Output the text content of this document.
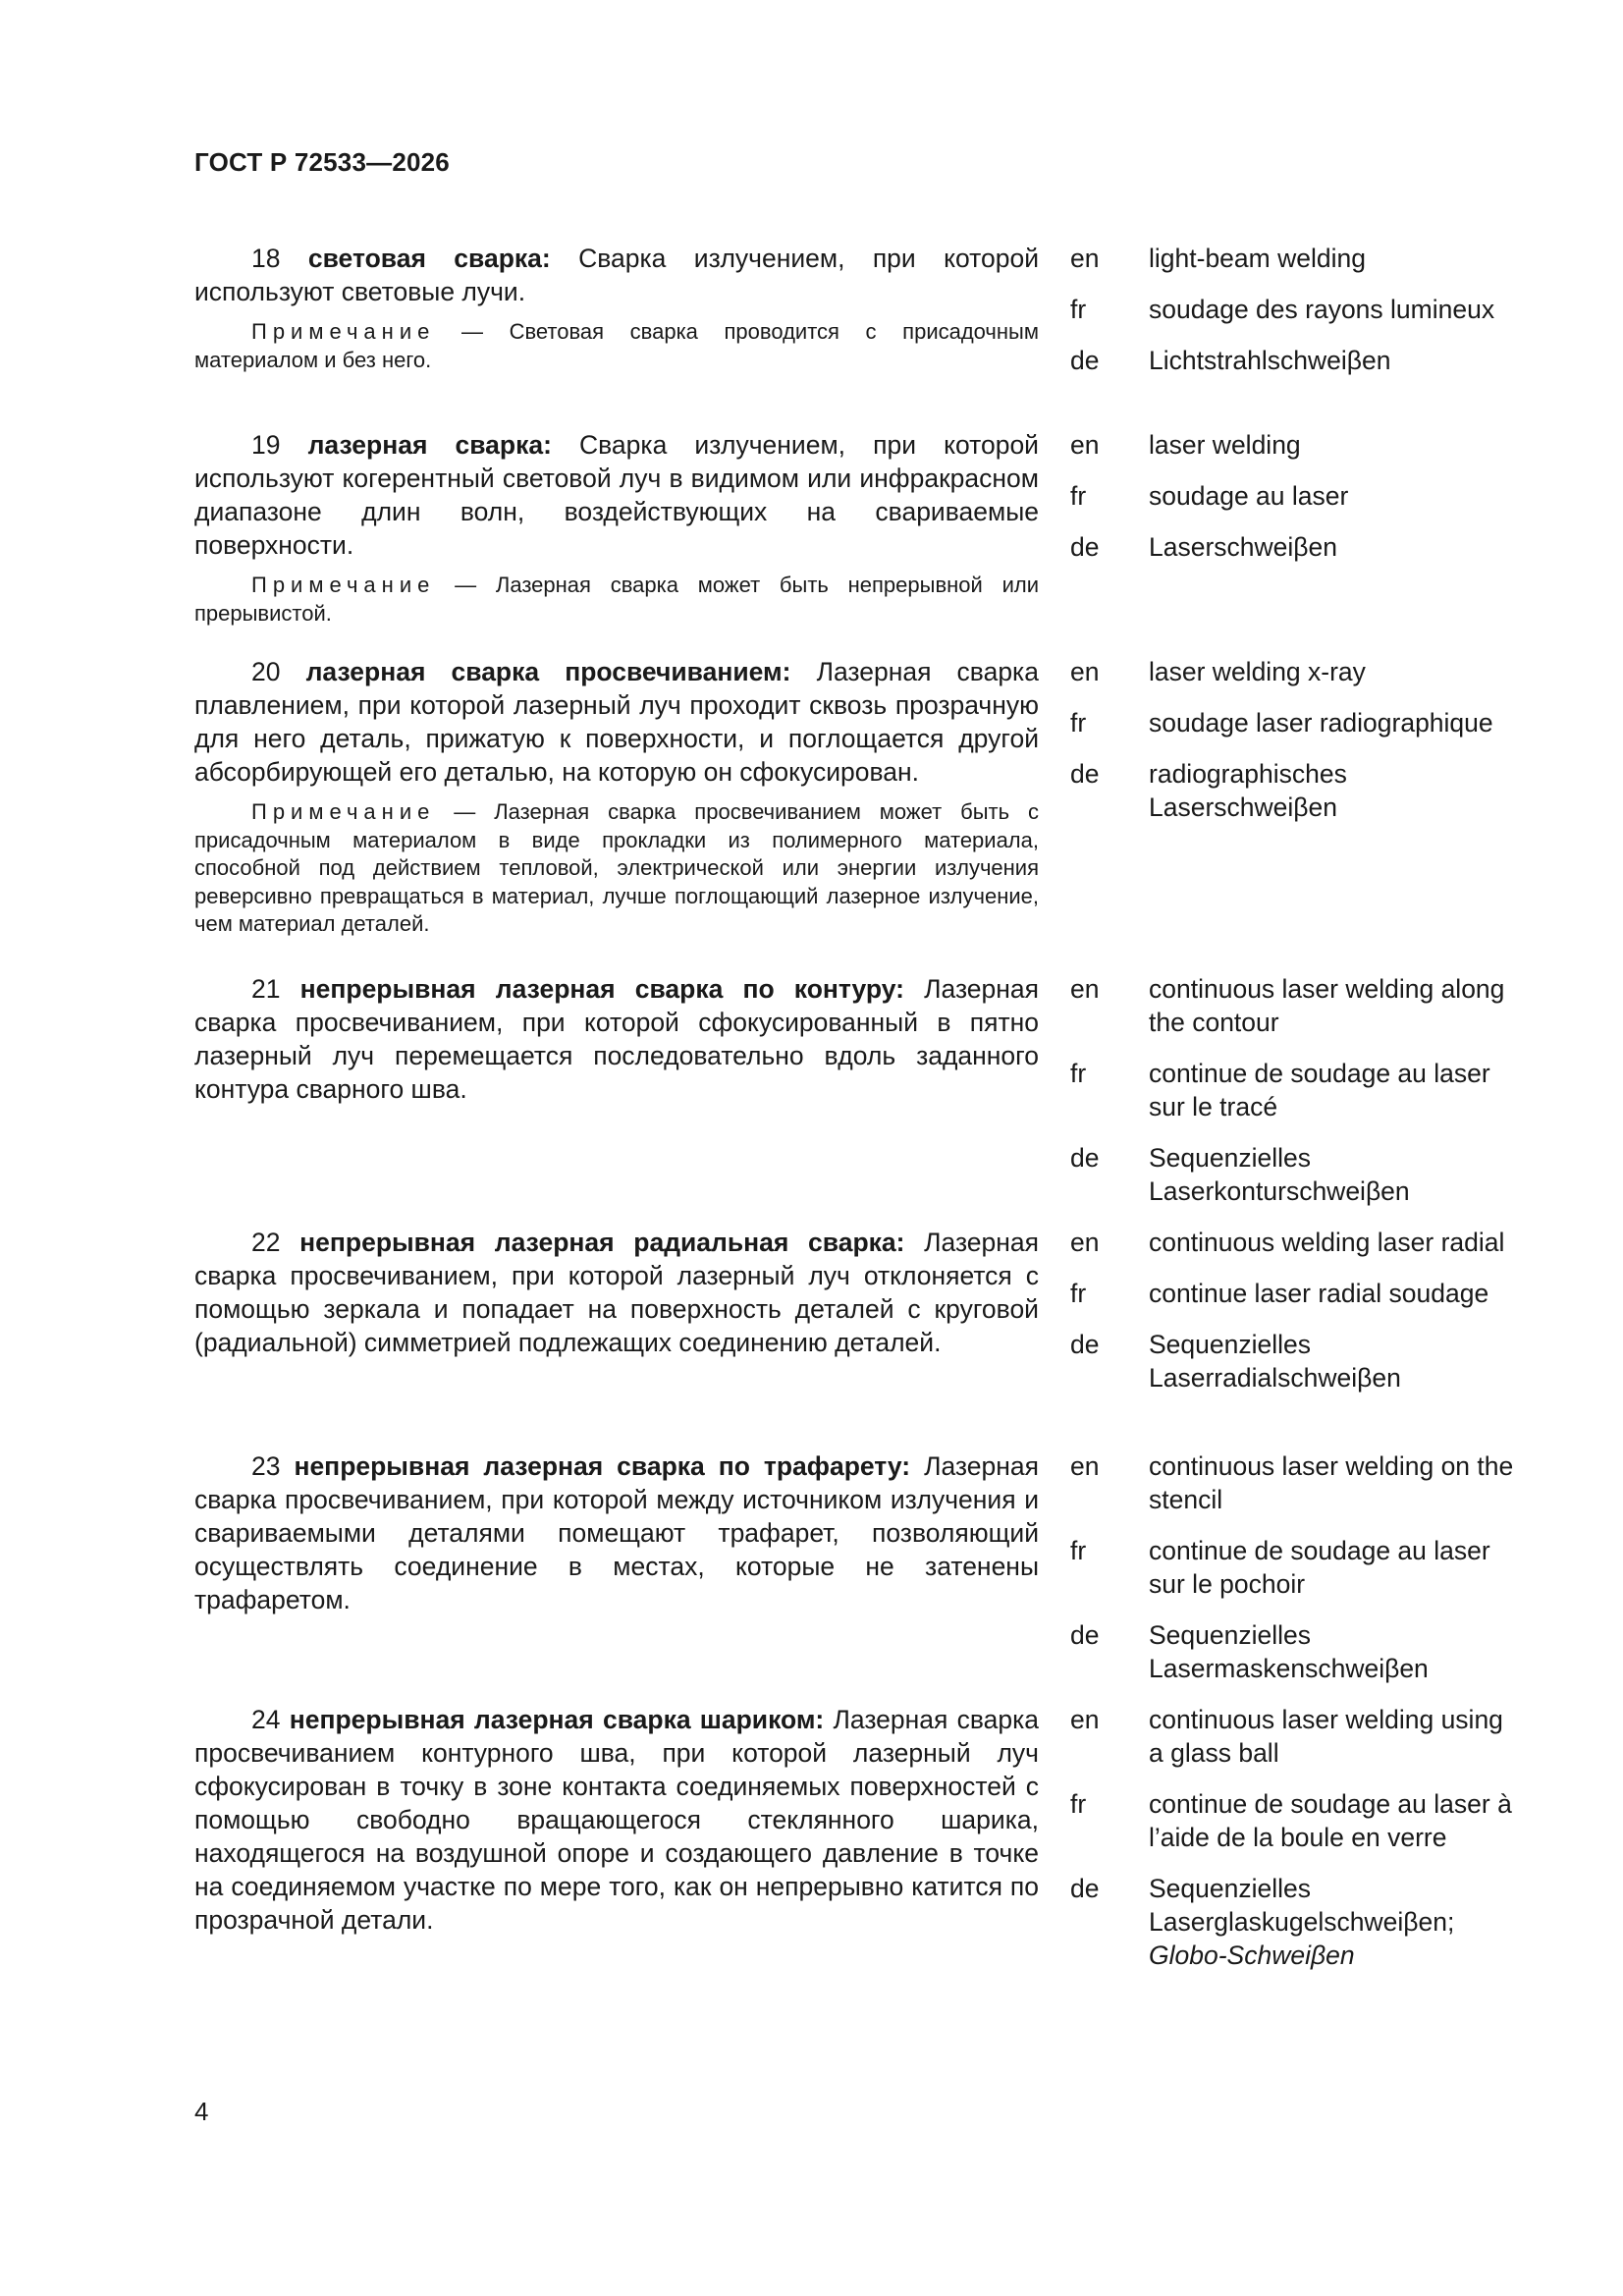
ГОСТ Р 72533—2026

18 световая сварка: Сварка излучением, при которой используют световые лучи.

Примечание — Световая сварка проводится с присадочным материалом и без него.

en	light-beam welding
fr	soudage des rayons lumineux
de	Lichtstrahlschweiβen

19 лазерная сварка: Сварка излучением, при которой используют когерентный световой луч в видимом или инфракрасном диапазоне длин волн, воздействующих на свариваемые поверхности.

Примечание — Лазерная сварка может быть непрерывной или прерывистой.

en	laser welding
fr	soudage au laser
de	Laserschweiβen

20 лазерная сварка просвечиванием: Лазерная сварка плавлением, при которой лазерный луч проходит сквозь прозрачную для него деталь, прижатую к поверхности, и поглощается другой абсорбирующей его деталью, на которую он сфокусирован.

Примечание — Лазерная сварка просвечиванием может быть с присадочным материалом в виде прокладки из полимерного материала, способной под действием тепловой, электрической или энергии излучения реверсивно превращаться в материал, лучше поглощающий лазерное излучение, чем материал деталей.

en	laser welding x-ray
fr	soudage laser radiographique
de	radiographisches Laserschweiβen

21 непрерывная лазерная сварка по контуру: Лазерная сварка просвечиванием, при которой сфокусированный в пятно лазерный луч перемещается последовательно вдоль заданного контура сварного шва.

en	continuous laser welding along the contour
fr	continue de soudage au laser sur le tracé
de	Sequenzielles Laserkonturschweiβen

22 непрерывная лазерная радиальная сварка: Лазерная сварка просвечиванием, при которой лазерный луч отклоняется с помощью зеркала и попадает на поверхность деталей с круговой (радиальной) симметрией подлежащих соединению деталей.

en	continuous welding laser radial
fr	continue laser radial soudage
de	Sequenzielles Laserradialschweiβen

23 непрерывная лазерная сварка по трафарету: Лазерная сварка просвечиванием, при которой между источником излучения и свариваемыми деталями помещают трафарет, позволяющий осуществлять соединение в местах, которые не затенены трафаретом.

en	continuous laser welding on the stencil
fr	continue de soudage au laser sur le pochoir
de	Sequenzielles Lasermaskenschweiβen

24 непрерывная лазерная сварка шариком: Лазерная сварка просвечиванием контурного шва, при которой лазерный луч сфокусирован в точку в зоне контакта соединяемых поверхностей с помощью свободно вращающегося стеклянного шарика, находящегося на воздушной опоре и создающего давление в точке на соединяемом участке по мере того, как он непрерывно катится по прозрачной детали.

en	continuous laser welding using a glass ball
fr	continue de soudage au laser à l’aide de la boule en verre
de	Sequenzielles Laserglaskugelschweiβen;
Globo-Schweiβen
4
